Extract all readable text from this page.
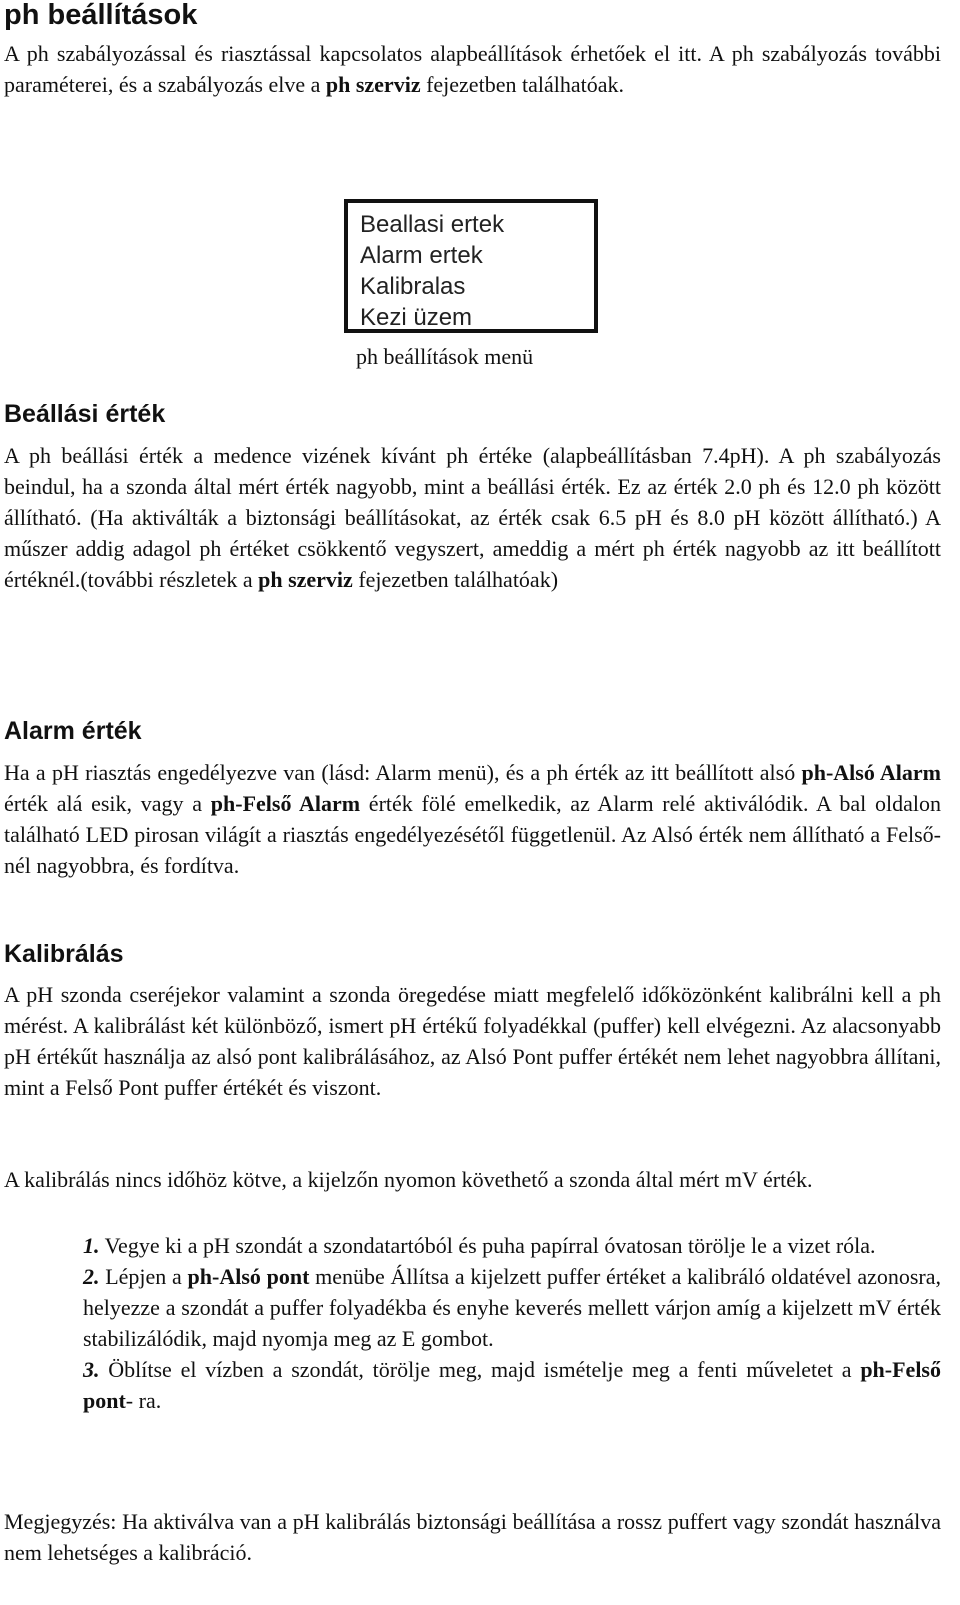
ph beállítások

A ph szabályozással és riasztással kapcsolatos alapbeállítások érhetőek el itt. A ph szabályozás további paraméterei, és a szabályozás elve a ph szerviz fejezetben találhatóak.

Beallasi ertek
Alarm ertek
Kalibralas
Kezi üzem
ph beállítások menü
Beállási érték

A ph beállási érték a medence vizének kívánt ph értéke (alapbeállításban 7.4pH). A ph szabályozás beindul, ha a szonda által mért érték nagyobb, mint a beállási érték. Ez az érték 2.0 ph és 12.0 ph között állítható. (Ha aktiválták a biztonsági beállításokat, az érték csak 6.5 pH és 8.0 pH között állítható.) A műszer addig adagol ph értéket csökkentő vegyszert, ameddig a mért ph érték nagyobb az itt beállított értéknél.(további részletek a ph szerviz fejezetben találhatóak)

Alarm érték

Ha a pH riasztás engedélyezve van (lásd: Alarm menü), és a ph érték az itt beállított alsó ph-Alsó Alarm érték alá esik, vagy a ph-Felső Alarm érték fölé emelkedik, az Alarm relé aktiválódik. A bal oldalon található LED pirosan világít a riasztás engedélyezésétől függetlenül. Az Alsó érték nem állítható a Felső-nél nagyobbra, és fordítva.

Kalibrálás

A pH szonda cseréjekor valamint a szonda öregedése miatt megfelelő időközönként kalibrálni kell a ph mérést. A kalibrálást két különböző, ismert pH értékű folyadékkal (puffer) kell elvégezni. Az alacsonyabb pH értékűt használja az alsó pont kalibrálásához, az Alsó Pont puffer értékét nem lehet nagyobbra állítani, mint a Felső Pont puffer értékét és viszont.

A kalibrálás nincs időhöz kötve, a kijelzőn nyomon követhető a szonda által mért mV érték.

1. Vegye ki a pH szondát a szondatartóból és puha papírral óvatosan törölje le a vizet róla.
2. Lépjen a ph-Alsó pont menübe Állítsa a kijelzett puffer értéket a kalibráló oldatével azonosra, helyezze a szondát a puffer folyadékba és enyhe keverés mellett várjon amíg a kijelzett mV érték stabilizálódik, majd nyomja meg az E gombot.
3. Öblítse el vízben a szondát, törölje meg, majd ismételje meg a fenti műveletet a ph-Felső pont- ra.

Megjegyzés: Ha aktiválva van a pH kalibrálás biztonsági beállítása a rossz puffert vagy szondát használva nem lehetséges a kalibráció.
